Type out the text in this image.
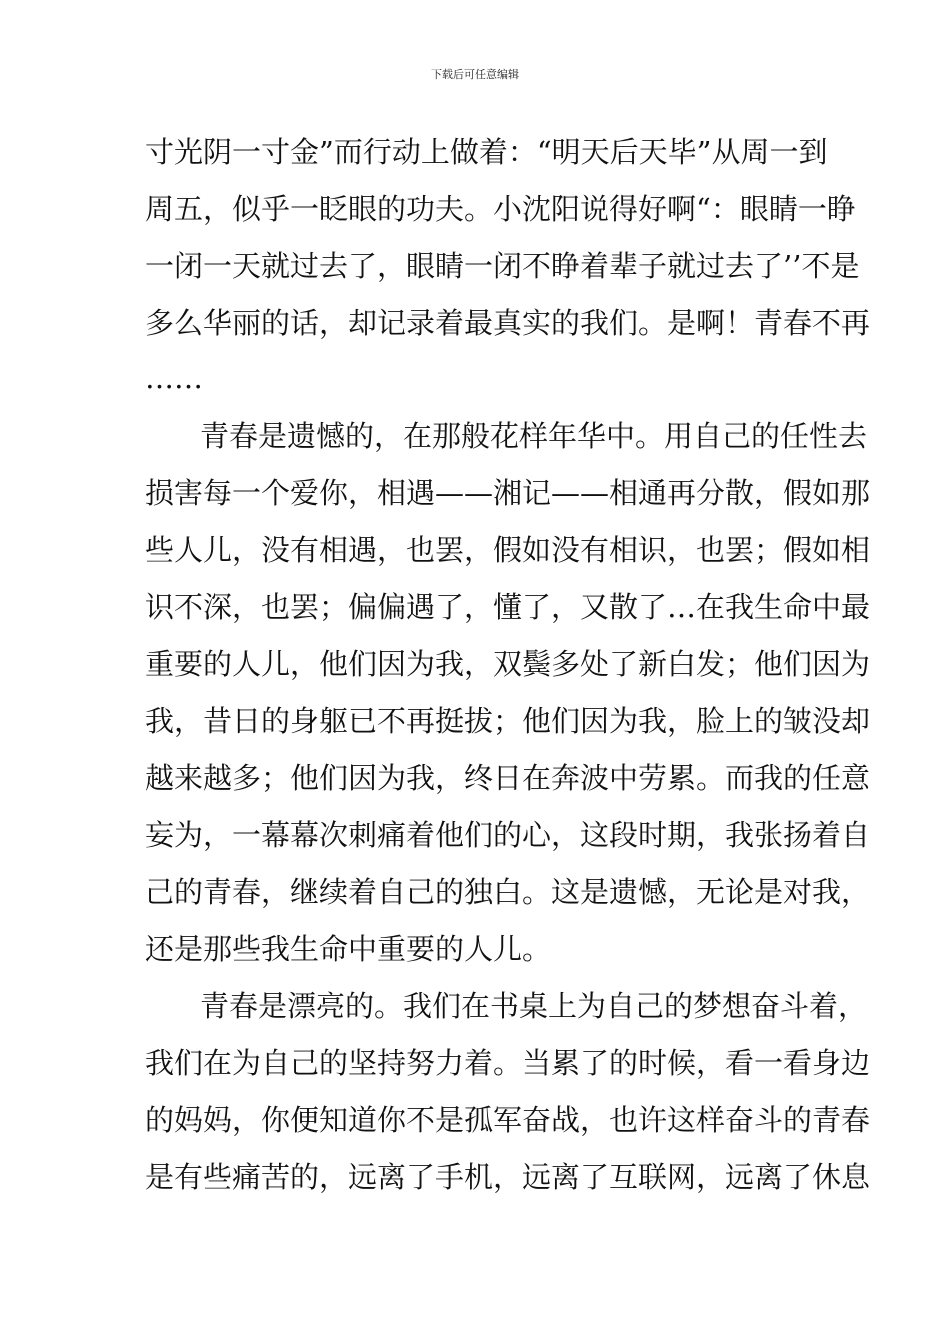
下载后可任意编辑
寸光阴一寸金”而行动上做着：“明天后天毕”从周一到
周五，似乎一眨眼的功夫。小沈阳说得好啊“：眼睛一睁
一闭一天就过去了，眼睛一闭不睁着辈子就过去了’’不是
多么华丽的话，却记录着最真实的我们。是啊！青春不再
……
青春是遗憾的，在那般花样年华中。用自己的任性去
损害每一个爱你，相遇——湘记——相通再分散，假如那
些人儿，没有相遇，也罢，假如没有相识，也罢；假如相
识不深，也罢；偏偏遇了，懂了，又散了…在我生命中最
重要的人儿，他们因为我，双鬓多处了新白发；他们因为
我，昔日的身躯已不再挺拔；他们因为我，脸上的皱没却
越来越多；他们因为我，终日在奔波中劳累。而我的任意
妄为，一幕幕次刺痛着他们的心，这段时期，我张扬着自
己的青春，继续着自己的独白。这是遗憾，无论是对我，
还是那些我生命中重要的人儿。
青春是漂亮的。我们在书桌上为自己的梦想奋斗着，
我们在为自己的坚持努力着。当累了的时候，看一看身边
的妈妈，你便知道你不是孤军奋战，也许这样奋斗的青春
是有些痛苦的，远离了手机，远离了互联网，远离了休息
